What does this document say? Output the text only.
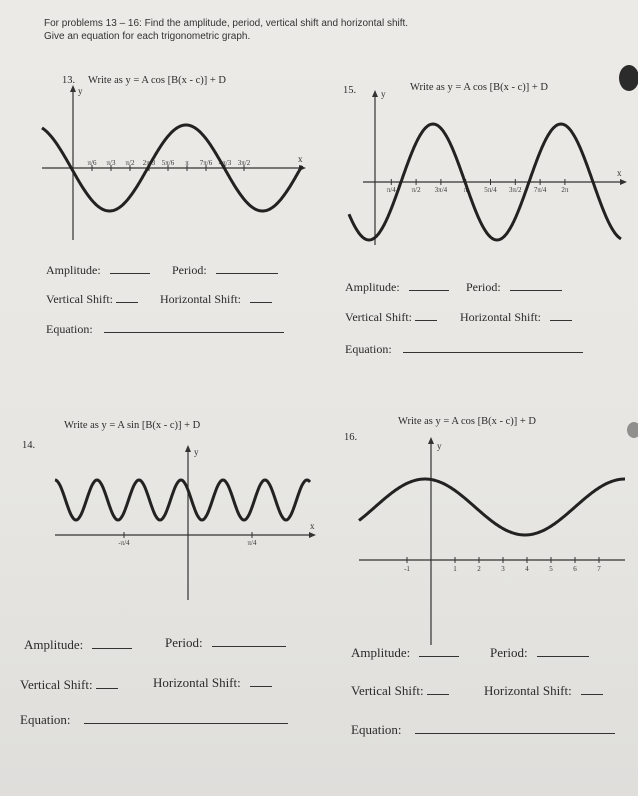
For problems 13 – 16: Find the amplitude, period, vertical shift and horizontal shift.
Give an equation for each trigonometric graph.
13. Write as y = A cos [B(x - c)] + D
y
x
π/6 π/3 π/2 2π/3 5π/6 π 7π/6 4π/3 3π/2
Amplitude:	Period:
Vertical Shift:	Horizontal Shift:
Equation:
15.	Write as y = A cos [B(x - c)] + D
y
x
π/4 π/2 3π/4 π 5π/4 3π/2 7π/4 2π
Amplitude:	Period:
Vertical Shift:	Horizontal Shift:
Equation:
14.
Write as y = A sin [B(x - c)] + D
y
x
-π/4	π/4
Amplitude:	Period:
Vertical Shift:	Horizontal Shift:
Equation:
16.
Write as y = A cos [B(x - c)] + D
y
-1	1	2	3	4	5	6	7
Amplitude:	Period:
Vertical Shift:	Horizontal Shift:
Equation:
